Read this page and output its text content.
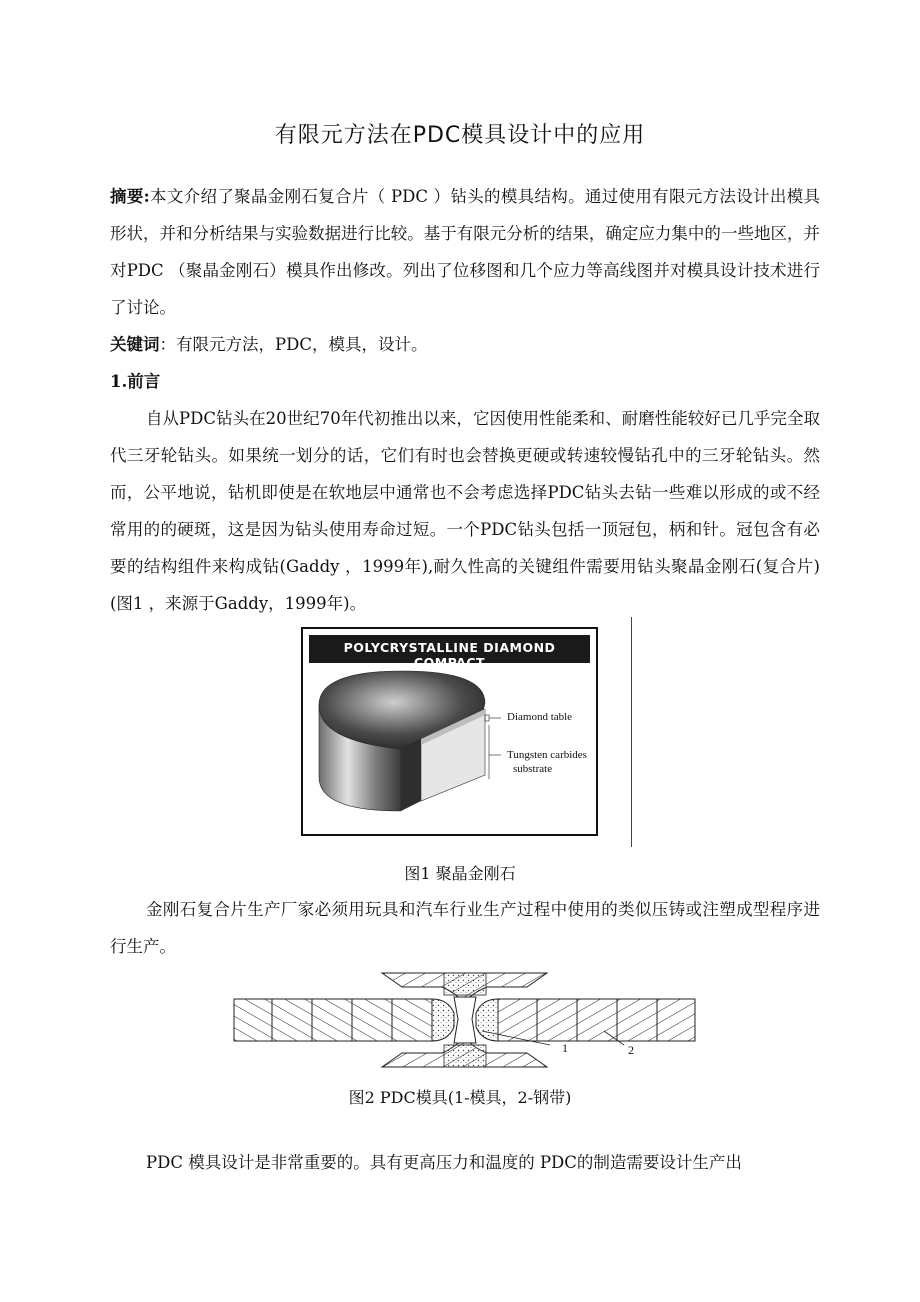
有限元方法在PDC模具设计中的应用
摘要:本文介绍了聚晶金刚石复合片（ PDC ）钻头的模具结构。通过使用有限元方法设计出模具形状，并和分析结果与实验数据进行比较。基于有限元分析的结果，确定应力集中的一些地区，并对PDC （聚晶金刚石）模具作出修改。列出了位移图和几个应力等高线图并对模具设计技术进行了讨论。
关键词：有限元方法，PDC，模具，设计。
1.前言
自从PDC钻头在20世纪70年代初推出以来，它因使用性能柔和、耐磨性能较好已几乎完全取代三牙轮钻头。如果统一划分的话，它们有时也会替换更硬或转速较慢钻孔中的三牙轮钻头。然而，公平地说，钻机即使是在软地层中通常也不会考虑选择PDC钻头去钻一些难以形成的或不经常用的的硬斑，这是因为钻头使用寿命过短。一个PDC钻头包括一顶冠包，柄和针。冠包含有必要的结构组件来构成钻(Gaddy ，1999年),耐久性高的关键组件需要用钻头聚晶金刚石(复合片)(图1 ，来源于Gaddy，1999年)。
POLYCRYSTALLINE DIAMOND COMPACT
Diamond table
Tungsten carbides
substrate
图1 聚晶金刚石
金刚石复合片生产厂家必须用玩具和汽车行业生产过程中使用的类似压铸或注塑成型程序进行生产。
1	2
图2 PDC模具(1-模具，2-钢带)
PDC 模具设计是非常重要的。具有更高压力和温度的 PDC的制造需要设计生产出
